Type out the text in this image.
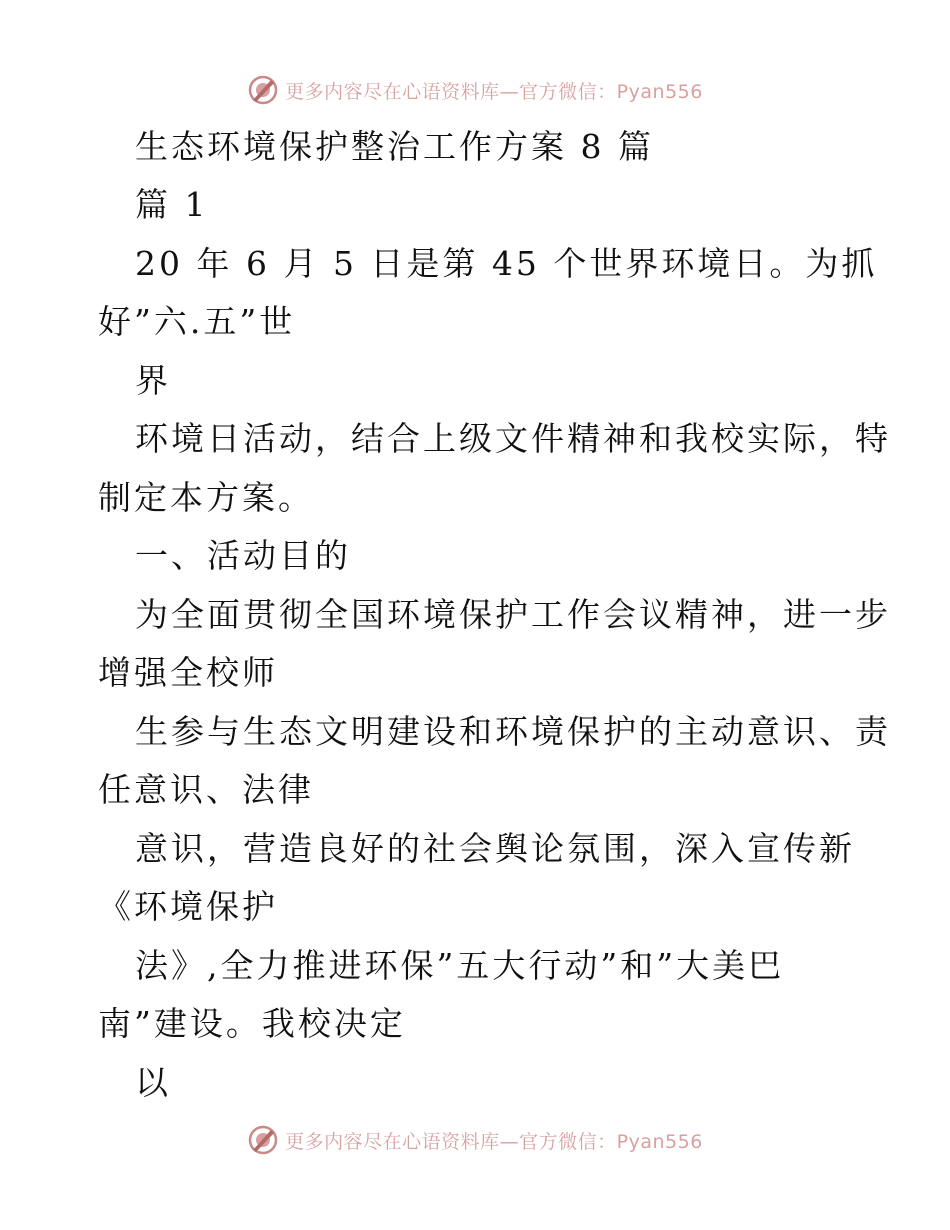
更多内容尽在心语资料库—官方微信：Pyan556
生态环境保护整治工作方案 8 篇
篇 1
20 年 6 月 5 日是第 45 个世界环境日。为抓
好”六.五”世
界
环境日活动，结合上级文件精神和我校实际，特
制定本方案。
一、活动目的
为全面贯彻全国环境保护工作会议精神，进一步
增强全校师
生参与生态文明建设和环境保护的主动意识、责
任意识、法律
意识，营造良好的社会舆论氛围，深入宣传新
《环境保护
法》,全力推进环保”五大行动”和”大美巴
南”建设。我校决定
以
更多内容尽在心语资料库—官方微信：Pyan556
